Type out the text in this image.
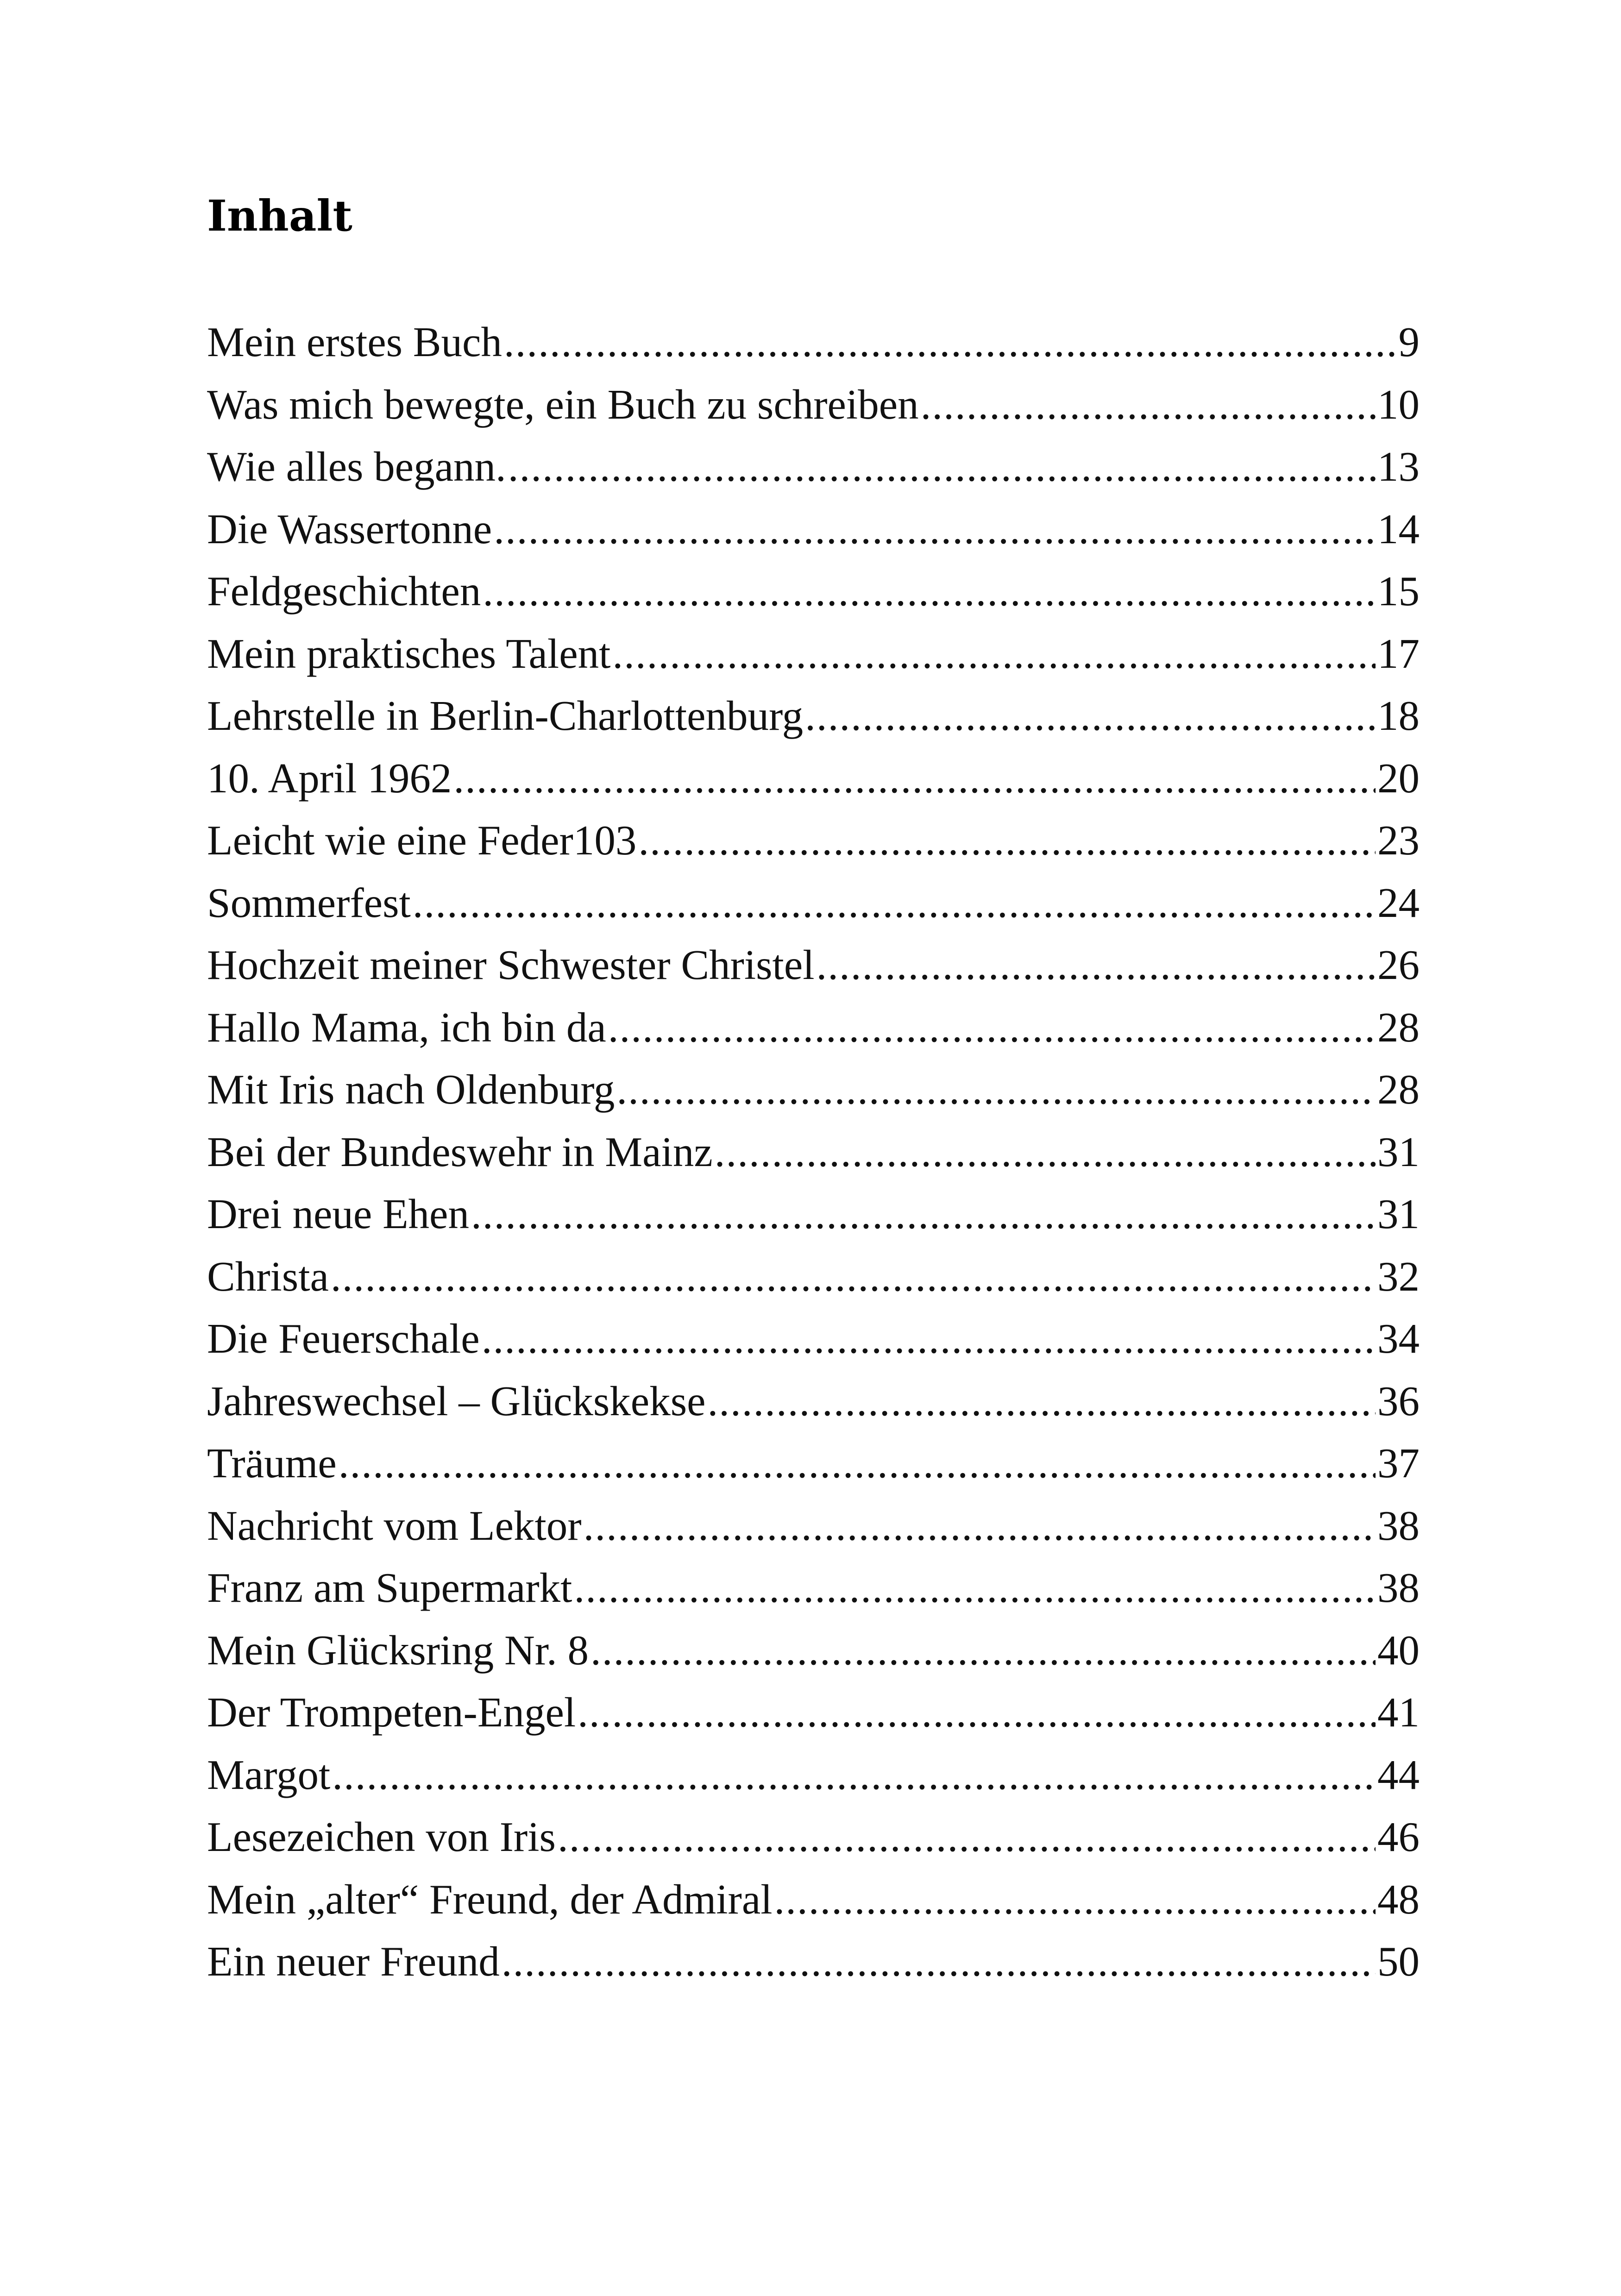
Inhalt
Mein erstes Buch .....	9
Was mich bewegte, ein Buch zu schreiben .....	10
Wie alles begann. .....	13
Die Wassertonne .....	14
Feldgeschichten .....	15
Mein praktisches Talent .....	17
Lehrstelle in Berlin-Charlottenburg .....	18
10. April 1962 .....	20
Leicht wie eine Feder103 .....	23
Sommerfest .....	24
Hochzeit meiner Schwester Christel .....	26
Hallo Mama, ich bin da .....	28
Mit Iris nach Oldenburg .....	28
Bei der Bundeswehr in Mainz .....	31
Drei neue Ehen .....	31
Christa .....	32
Die Feuerschale .....	34
Jahreswechsel – Glückskekse .....	36
Träume .....	37
Nachricht vom Lektor .....	38
Franz am Supermarkt .....	38
Mein Glücksring Nr. 8 .....	40
Der Trompeten-Engel .....	41
Margot .....	44
Lesezeichen von Iris .....	46
Mein „alter“ Freund, der Admiral .....	48
Ein neuer Freund .....	50
